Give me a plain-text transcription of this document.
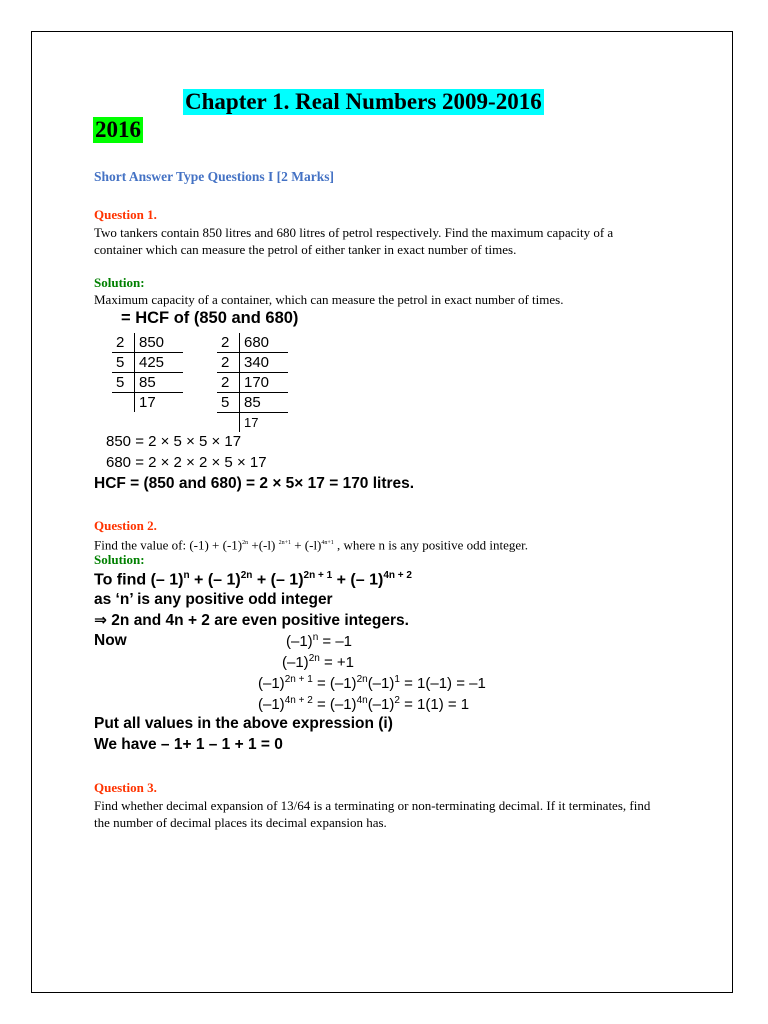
Chapter 1. Real Numbers 2009-2016
2016
Short Answer Type Questions I [2 Marks]
Question 1.
Two tankers contain 850 litres and 680 litres of petrol respectively. Find the maximum capacity of a container which can measure the petrol of either tanker in exact number of times.
Solution:
Maximum capacity of a container, which can measure the petrol in exact number of times.
= HCF of (850 and 680)
2	850
5	425
5	85
	17
2	680
2	340
2	170
5	85
	17
850 = 2 × 5 × 5 × 17
680 = 2 × 2 × 2 × 5 × 17
HCF = (850 and 680) = 2 × 5× 17 = 170 litres.
Question 2.
Find the value of: $(-1) + (-1)^{2n} +(-l) ^{2n+1} + (-l)^{4n+1}$ , where n is any positive odd integer.
Solution:
To find (– 1)$^n$ + (– 1)$^{2n}$ + (– 1)$^{2n + 1}$ + (– 1)$^{4n + 2}$
as ‘n’ is any positive odd integer
⇒ 2n and 4n + 2 are even positive integers.
Now	$(-1)^n = -1$
$(-1)^{2n} = +1$
$(-1)^{2n + 1} = (-1)^{2n}(-1)^1 = 1(-1) = -1$
$(-1)^{4n + 2} = (-1)^{4n}(-1)^2 = 1(1) = 1$
Put all values in the above expression (i)
We have – 1+ 1 – 1 + 1 = 0
Question 3.
Find whether decimal expansion of 13/64 is a terminating or non-terminating decimal. If it terminates, find the number of decimal places its decimal expansion has.
